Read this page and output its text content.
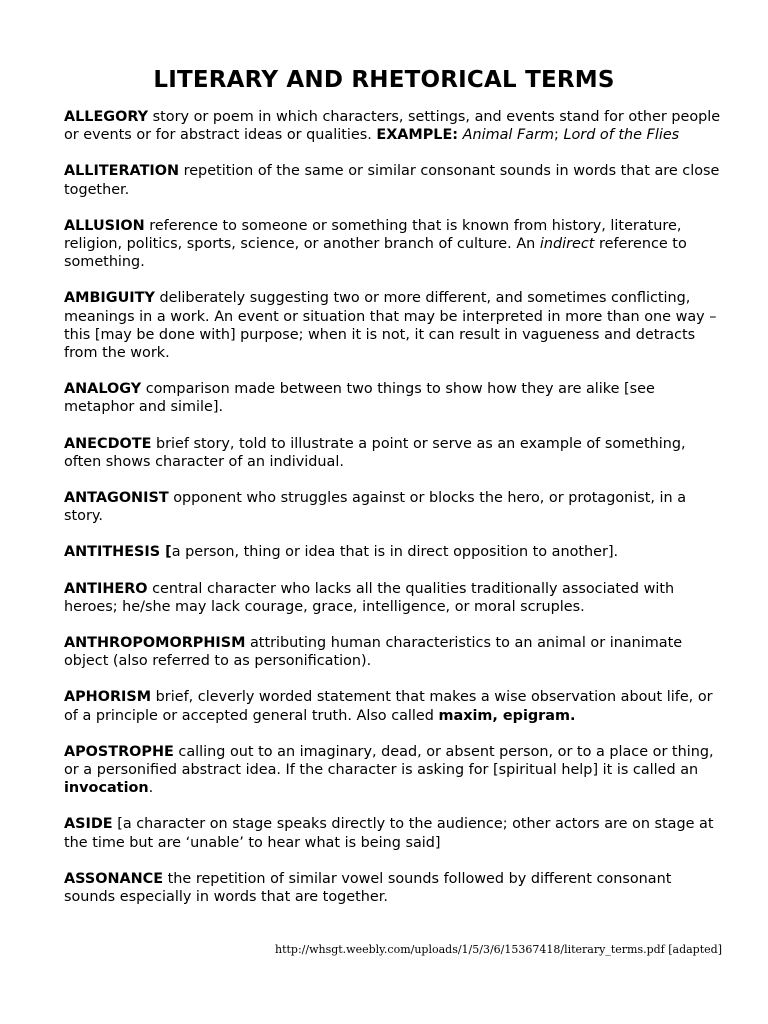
LITERARY AND RHETORICAL TERMS

ALLEGORY story or poem in which characters, settings, and events stand for other people or events or for abstract ideas or qualities. EXAMPLE: Animal Farm; Lord of the Flies

ALLITERATION repetition of the same or similar consonant sounds in words that are close together.

ALLUSION reference to someone or something that is known from history, literature, religion, politics, sports, science, or another branch of culture. An indirect reference to something.

AMBIGUITY deliberately suggesting two or more different, and sometimes conflicting, meanings in a work. An event or situation that may be interpreted in more than one way – this [may be done with] purpose; when it is not, it can result in vagueness and detracts from the work.

ANALOGY comparison made between two things to show how they are alike [see metaphor and simile].

ANECDOTE brief story, told to illustrate a point or serve as an example of something, often shows character of an individual.

ANTAGONIST opponent who struggles against or blocks the hero, or protagonist, in a story.

ANTITHESIS [a person, thing or idea that is in direct opposition to another].

ANTIHERO central character who lacks all the qualities traditionally associated with heroes; he/she may lack courage, grace, intelligence, or moral scruples.

ANTHROPOMORPHISM attributing human characteristics to an animal or inanimate object (also referred to as personification).

APHORISM brief, cleverly worded statement that makes a wise observation about life, or of a principle or accepted general truth. Also called maxim, epigram.

APOSTROPHE calling out to an imaginary, dead, or absent person, or to a place or thing, or a personified abstract idea. If the character is asking for [spiritual help] it is called an invocation.

ASIDE [a character on stage speaks directly to the audience; other actors are on stage at the time but are ‘unable’ to hear what is being said]

ASSONANCE the repetition of similar vowel sounds followed by different consonant sounds especially in words that are together.

http://whsgt.weebly.com/uploads/1/5/3/6/15367418/literary_terms.pdf [adapted]
